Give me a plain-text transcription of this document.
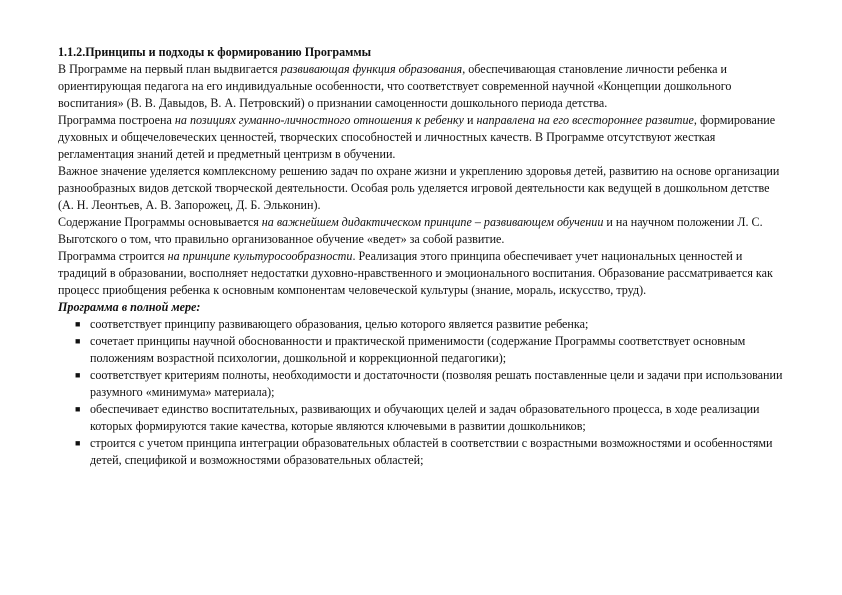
1.1.2.Принципы и подходы к формированию Программы

В Программе на первый план выдвигается развивающая функция образования, обеспечивающая становление личности ребенка и ориентирующая педагога на его индивидуальные особенности, что соответствует современной научной «Концепции дошкольного воспитания» (В. В. Давыдов, В. А. Петровский) о признании самоценности дошкольного периода детства.

Программа построена на позициях гуманно-личностного отношения к ребенку и направлена на его всестороннее развитие, формирование духовных и общечеловеческих ценностей, творческих способностей и личностных качеств. В Программе отсутствуют жесткая регламентация знаний детей и предметный центризм в обучении.

Важное значение уделяется комплексному решению задач по охране жизни и укреплению здоровья детей, развитию на основе организации разнообразных видов детской творческой деятельности. Особая роль уделяется игровой деятельности как ведущей в дошкольном детстве (А. Н. Леонтьев, А. В. Запорожец, Д. Б. Эльконин).

Содержание Программы основывается на важнейшем дидактическом принципе – развивающем обучении и на научном положении Л. С. Выготского о том, что правильно организованное обучение «ведет» за собой развитие.

Программа строится на принципе культуросообразности. Реализация этого принципа обеспечивает учет национальных ценностей и традиций в образовании, восполняет недостатки духовно-нравственного и эмоционального воспитания. Образование рассматривается как процесс приобщения ребенка к основным компонентам человеческой культуры (знание, мораль, искусство, труд).

Программа в полной мере:

■ соответствует принципу развивающего образования, целью которого является развитие ребенка;
■ сочетает принципы научной обоснованности и практической применимости (содержание Программы соответствует основным положениям возрастной психологии, дошкольной и коррекционной педагогики);
■ соответствует критериям полноты, необходимости и достаточности (позволяя решать поставленные цели и задачи при использовании разумного «минимума» материала);
■ обеспечивает единство воспитательных, развивающих и обучающих целей и задач образовательного процесса, в ходе реализации которых формируются такие качества, которые являются ключевыми в развитии дошкольников;
■ строится с учетом принципа интеграции образовательных областей в соответствии с возрастными возможностями и особенностями детей, спецификой и возможностями образовательных областей;
